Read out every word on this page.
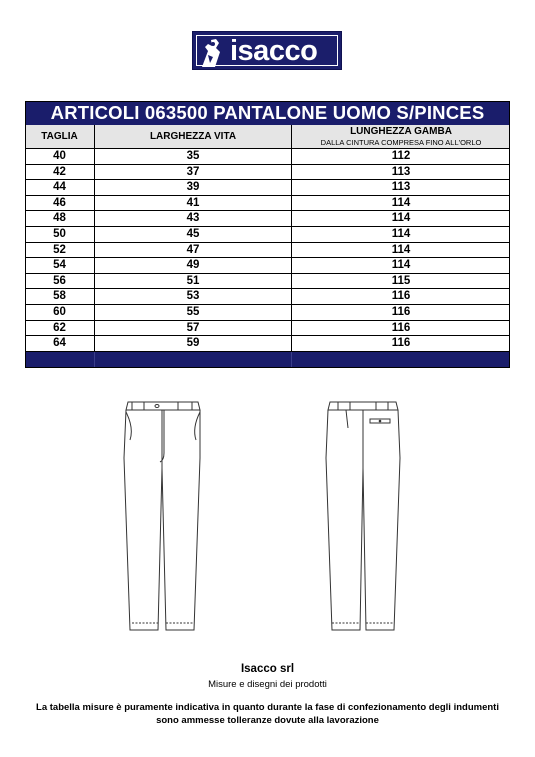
isacco
ARTICOLI 063500 PANTALONE UOMO S/PINCES
TAGLIA	LARGHEZZA VITA	LUNGHEZZA GAMBA
DALLA CINTURA COMPRESA FINO ALL'ORLO
40	35	112
42	37	113
44	39	113
46	41	114
48	43	114
50	45	114
52	47	114
54	49	114
56	51	115
58	53	116
60	55	116
62	57	116
64	59	116
Isacco srl
Misure e disegni dei prodotti
La tabella misure è puramente indicativa in quanto durante la fase di confezionamento degli indumenti
sono ammesse tolleranze dovute alla lavorazione
